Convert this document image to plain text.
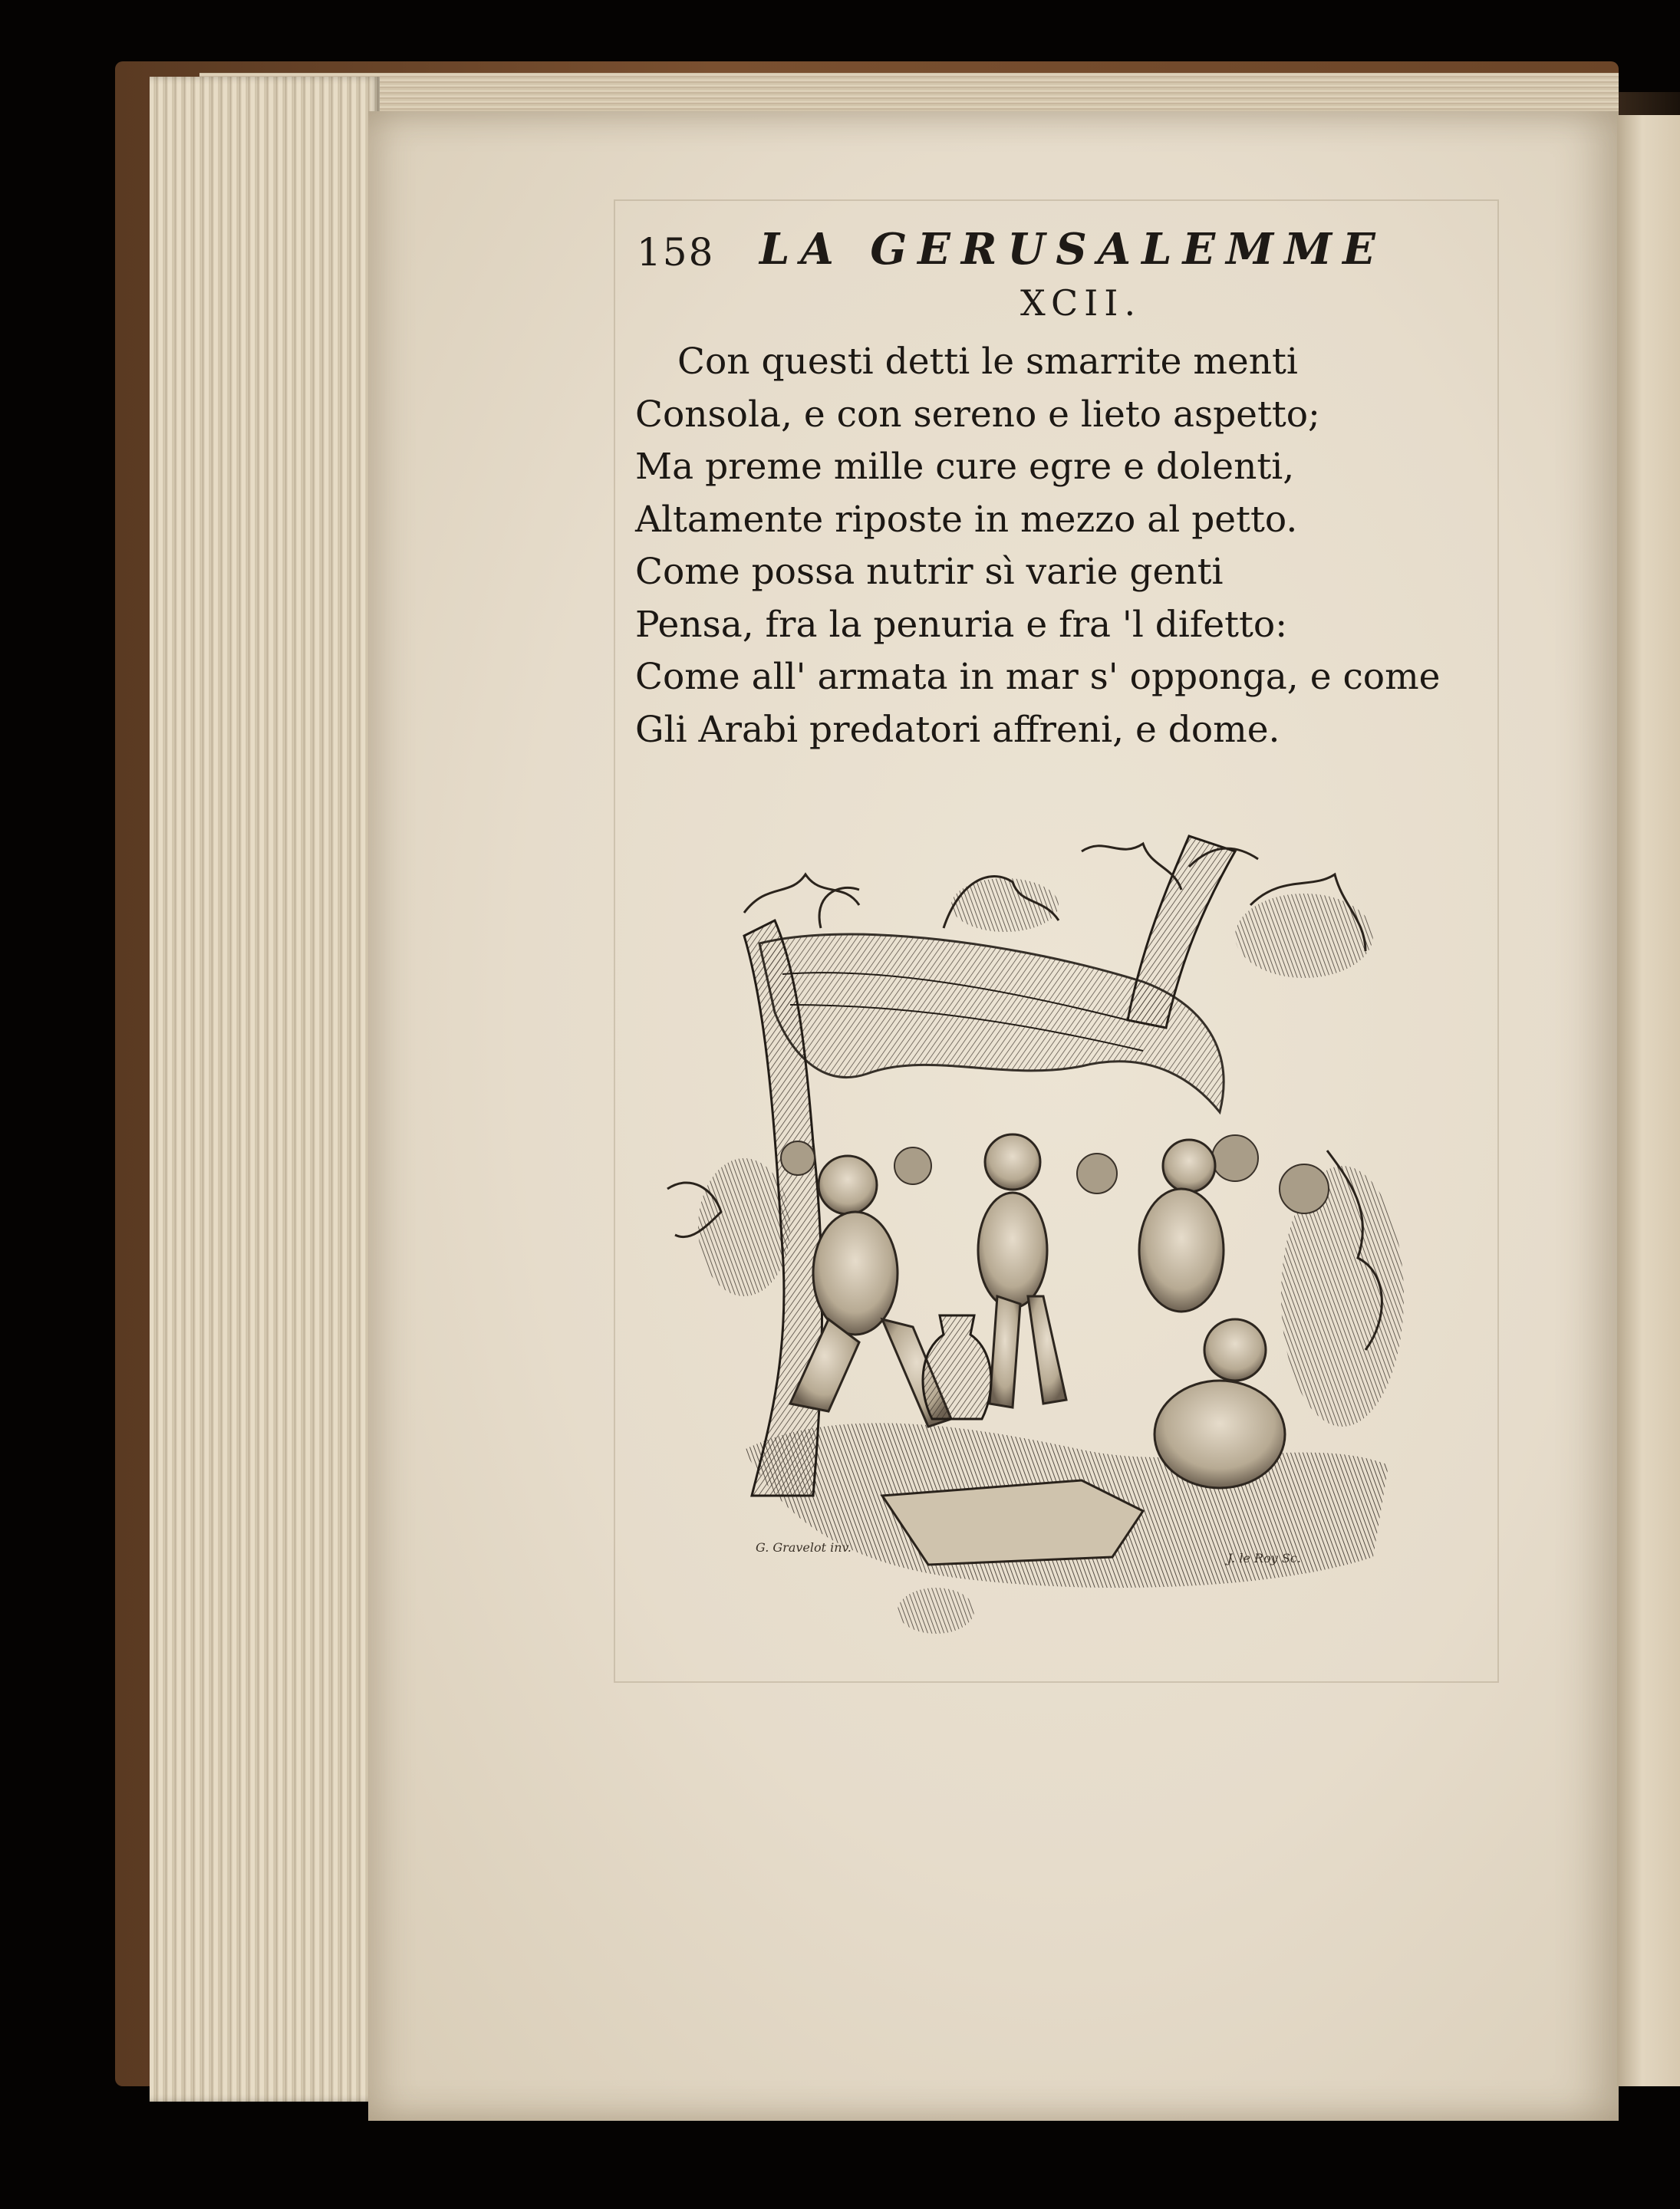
158 LA GERUSALEMME
XCII.
Con questi detti le smarrite menti
Consola, e con sereno e lieto aspetto;
Ma preme mille cure egre e dolenti,
Altamente riposte in mezzo al petto.
Come possa nutrir sì varie genti
Pensa, fra la penuria e fra 'l difetto:
Come all' armata in mar s' opponga, e come
Gli Arabi predatori affreni, e dome.
G. Gravelot inv.
J. le Roy Sc.
